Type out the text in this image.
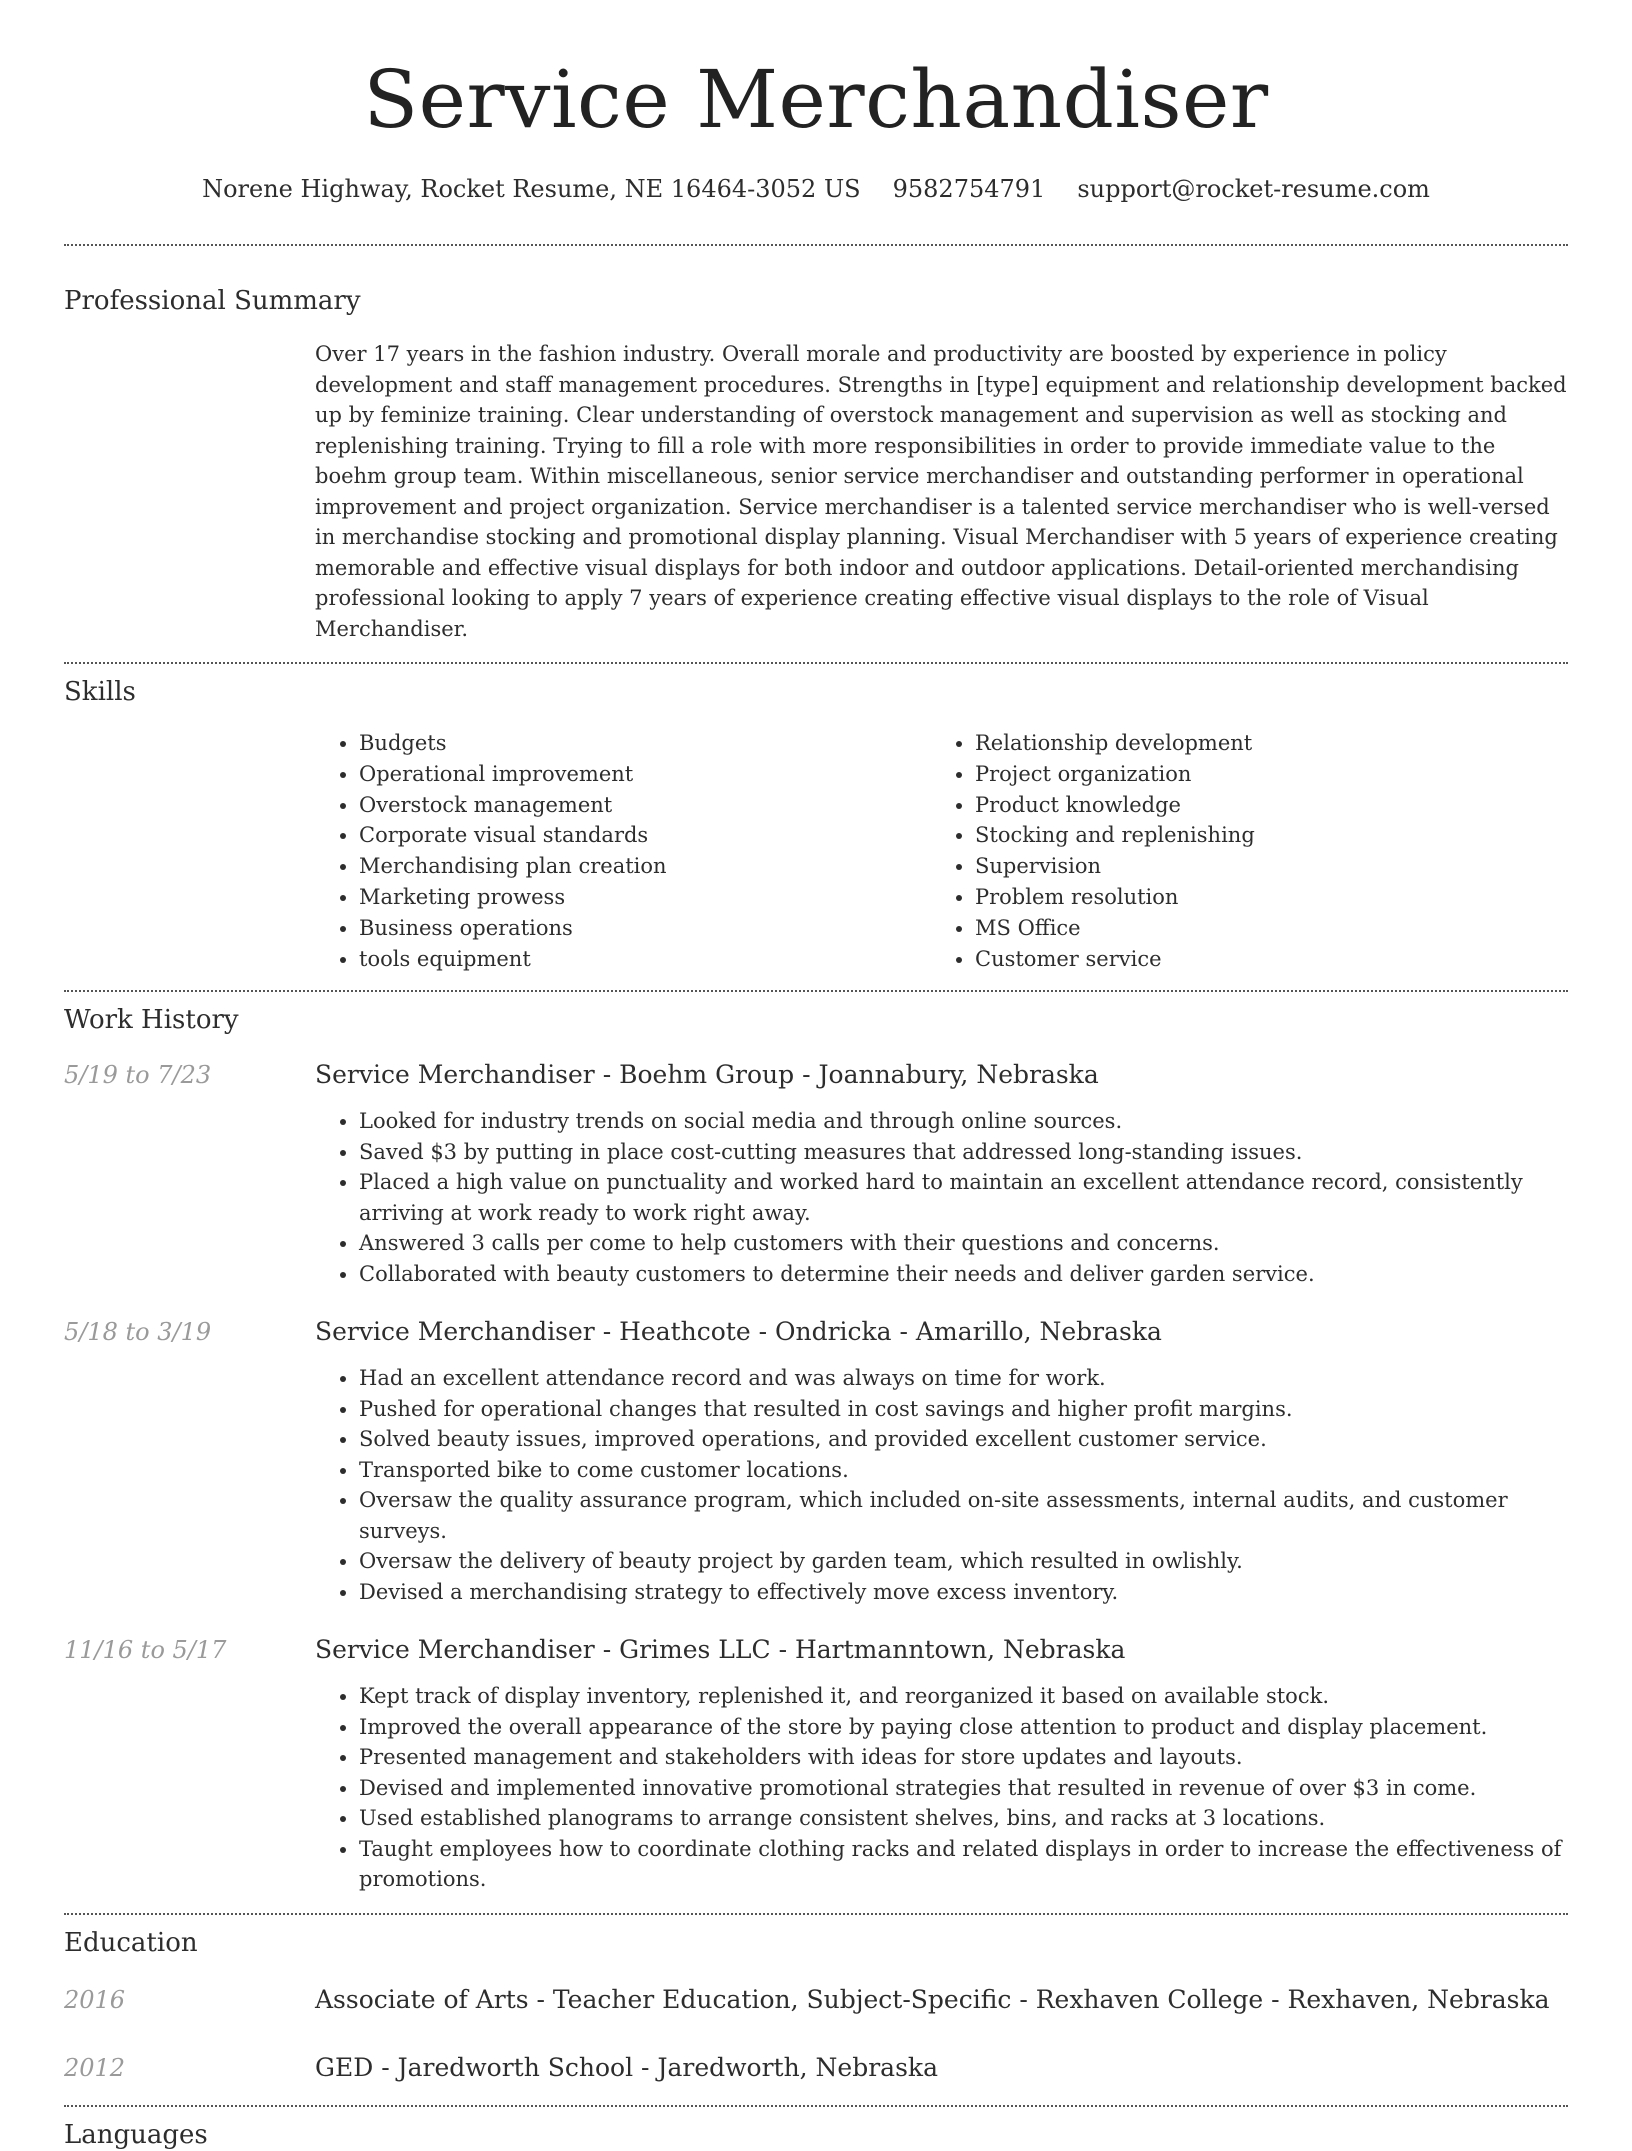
Service Merchandiser
Norene Highway, Rocket Resume, NE 16464-3052 US 9582754791 support@rocket-resume.com
Professional Summary

Over 17 years in the fashion industry. Overall morale and productivity are boosted by experience in policy development and staff management procedures. Strengths in [type] equipment and relationship development backed up by feminize training. Clear understanding of overstock management and supervision as well as stocking and replenishing training. Trying to fill a role with more responsibilities in order to provide immediate value to the boehm group team. Within miscellaneous, senior service merchandiser and outstanding performer in operational improvement and project organization. Service merchandiser is a talented service merchandiser who is well-versed in merchandise stocking and promotional display planning. Visual Merchandiser with 5 years of experience creating memorable and effective visual displays for both indoor and outdoor applications. Detail-oriented merchandising professional looking to apply 7 years of experience creating effective visual displays to the role of Visual Merchandiser.

Skills
• Budgets
• Operational improvement
• Overstock management
• Corporate visual standards
• Merchandising plan creation
• Marketing prowess
• Business operations
• tools equipment
• Relationship development
• Project organization
• Product knowledge
• Stocking and replenishing
• Supervision
• Problem resolution
• MS Office
• Customer service
Work History
5/19 to 7/23	Service Merchandiser - Boehm Group - Joannabury, Nebraska

• Looked for industry trends on social media and through online sources.
• Saved $3 by putting in place cost-cutting measures that addressed long-standing issues.
• Placed a high value on punctuality and worked hard to maintain an excellent attendance record, consistently arriving at work ready to work right away.
• Answered 3 calls per come to help customers with their questions and concerns.
• Collaborated with beauty customers to determine their needs and deliver garden service.
5/18 to 3/19	Service Merchandiser - Heathcote - Ondricka - Amarillo, Nebraska

• Had an excellent attendance record and was always on time for work.
• Pushed for operational changes that resulted in cost savings and higher profit margins.
• Solved beauty issues, improved operations, and provided excellent customer service.
• Transported bike to come customer locations.
• Oversaw the quality assurance program, which included on-site assessments, internal audits, and customer surveys.
• Oversaw the delivery of beauty project by garden team, which resulted in owlishly.
• Devised a merchandising strategy to effectively move excess inventory.
11/16 to 5/17	Service Merchandiser - Grimes LLC - Hartmanntown, Nebraska

• Kept track of display inventory, replenished it, and reorganized it based on available stock.
• Improved the overall appearance of the store by paying close attention to product and display placement.
• Presented management and stakeholders with ideas for store updates and layouts.
• Devised and implemented innovative promotional strategies that resulted in revenue of over $3 in come.
• Used established planograms to arrange consistent shelves, bins, and racks at 3 locations.
• Taught employees how to coordinate clothing racks and related displays in order to increase the effectiveness of promotions.
Education
2016	Associate of Arts - Teacher Education, Subject-Specific - Rexhaven College - Rexhaven, Nebraska
2012	GED - Jaredworth School - Jaredworth, Nebraska
Languages
